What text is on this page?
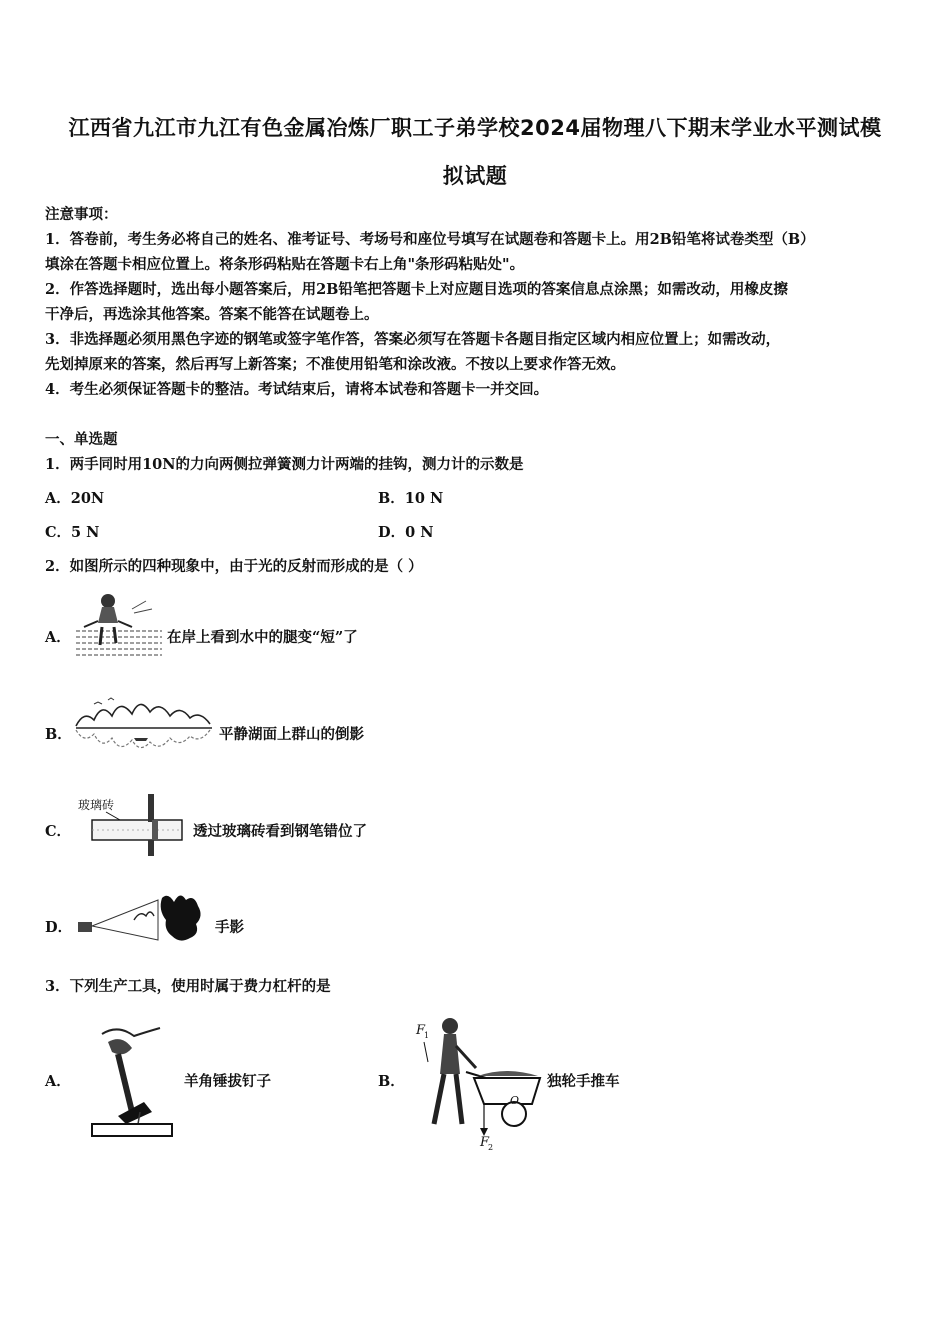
江西省九江市九江有色金属冶炼厂职工子弟学校2024届物理八下期末学业水平测试模
拟试题
注意事项：
1．答卷前，考生务必将自己的姓名、准考证号、考场号和座位号填写在试题卷和答题卡上。用2B铅笔将试卷类型（B）
填涂在答题卡相应位置上。将条形码粘贴在答题卡右上角"条形码粘贴处"。
2．作答选择题时，选出每小题答案后，用2B铅笔把答题卡上对应题目选项的答案信息点涂黑；如需改动，用橡皮擦
干净后，再选涂其他答案。答案不能答在试题卷上。
3．非选择题必须用黑色字迹的钢笔或签字笔作答，答案必须写在答题卡各题目指定区域内相应位置上；如需改动，
先划掉原来的答案，然后再写上新答案；不准使用铅笔和涂改液。不按以上要求作答无效。
4．考生必须保证答题卡的整洁。考试结束后，请将本试卷和答题卡一并交回。
一、单选题
1．两手同时用10N的力向两侧拉弹簧测力计两端的挂钩，测力计的示数是
A．20N	B．10 N
C．5 N	D．0 N
2．如图所示的四种现象中，由于光的反射而形成的是（ ）
A．	在岸上看到水中的腿变“短”了
B．	平静湖面上群山的倒影
C．
玻璃砖
透过玻璃砖看到钢笔错位了
D．	手影
3．下列生产工具，使用时属于费力杠杆的是
A．	羊角锤拔钉子	B．
F
1
O
F
2
独轮手推车
